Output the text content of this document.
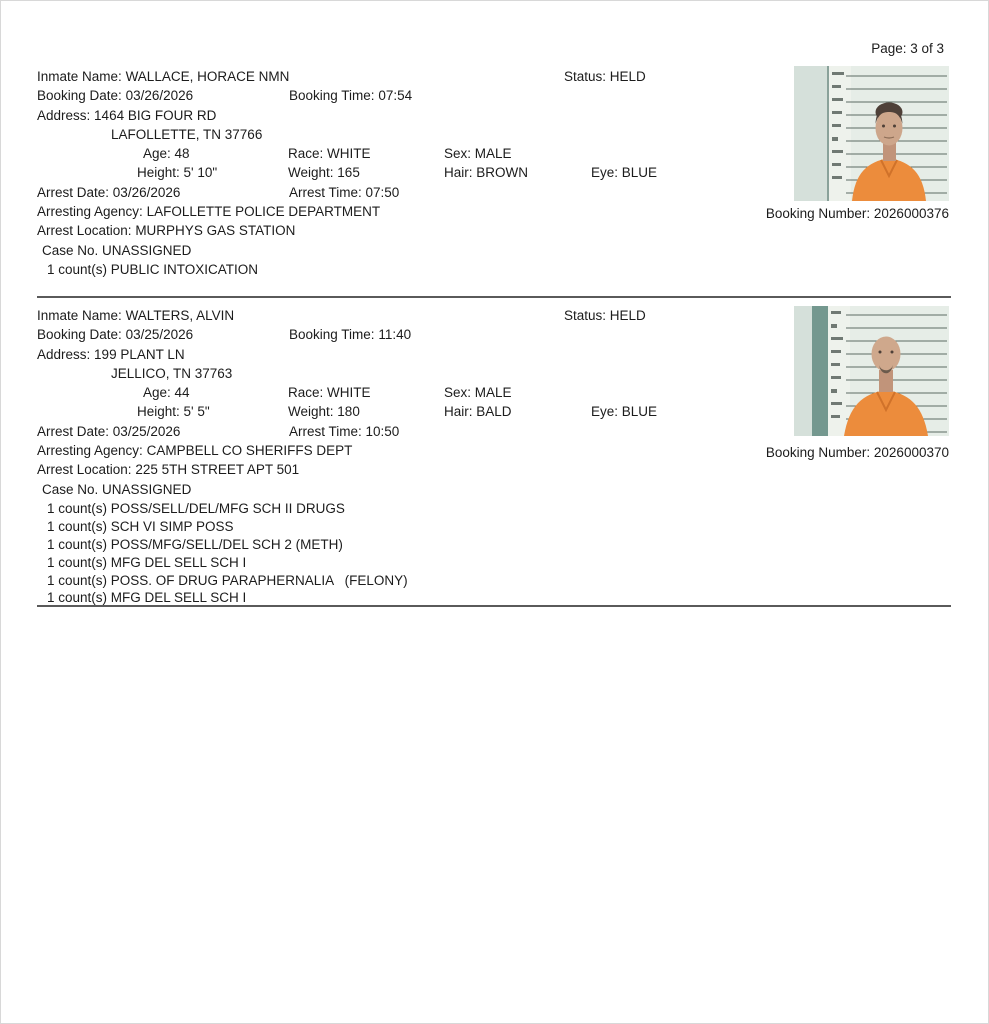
Page: 3 of 3
Inmate Name: WALLACE, HORACE NMN	Status: HELD
Booking Date: 03/26/2026	Booking Time: 07:54
Address: 1464 BIG FOUR RD
LAFOLLETTE, TN 37766
Age: 48	Race: WHITE	Sex: MALE
Height: 5' 10"	Weight: 165	Hair: BROWN	Eye: BLUE
Arrest Date: 03/26/2026	Arrest Time: 07:50
Arresting Agency: LAFOLLETTE POLICE DEPARTMENT
Arrest Location: MURPHYS GAS STATION
Case No. UNASSIGNED
1 count(s) PUBLIC INTOXICATION
Booking Number: 2026000376
Inmate Name: WALTERS, ALVIN	Status: HELD
Booking Date: 03/25/2026	Booking Time: 11:40
Address: 199 PLANT LN
JELLICO, TN 37763
Age: 44	Race: WHITE	Sex: MALE
Height: 5' 5"	Weight: 180	Hair: BALD	Eye: BLUE
Arrest Date: 03/25/2026	Arrest Time: 10:50
Arresting Agency: CAMPBELL CO SHERIFFS DEPT
Arrest Location: 225 5TH STREET APT 501
Case No. UNASSIGNED
1 count(s) POSS/SELL/DEL/MFG SCH II DRUGS
1 count(s) SCH VI SIMP POSS
1 count(s) POSS/MFG/SELL/DEL SCH 2 (METH)
1 count(s) MFG DEL SELL SCH I
1 count(s) POSS. OF DRUG PARAPHERNALIA   (FELONY)
1 count(s) MFG DEL SELL SCH I
Booking Number: 2026000370
